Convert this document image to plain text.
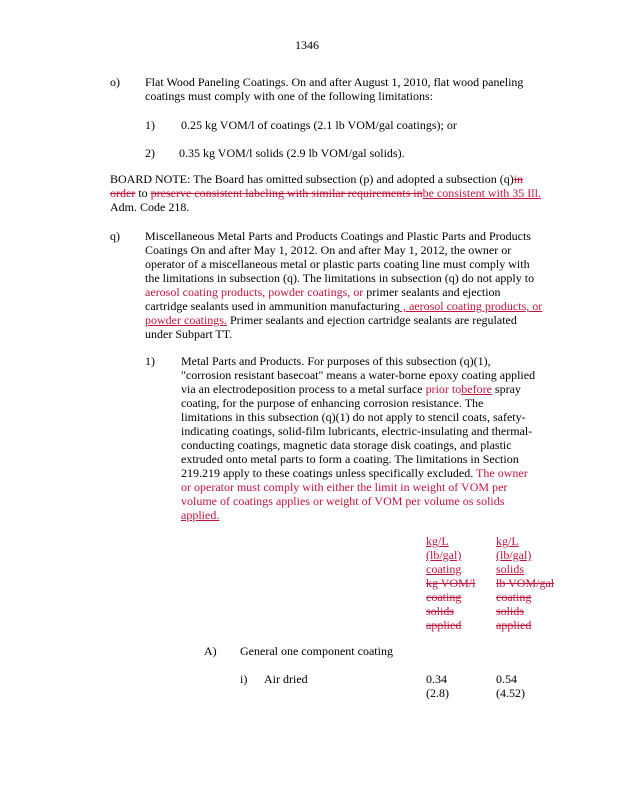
1346
o) Flat Wood Paneling Coatings. On and after August 1, 2010, flat wood paneling
coatings must comply with one of the following limitations:
1) 0.25 kg VOM/l of coatings (2.1 lb VOM/gal coatings); or
2) 0.35 kg VOM/l solids (2.9 lb VOM/gal solids).
BOARD NOTE: The Board has omitted subsection (p) and adopted a subsection (q)in
order to preserve consistent labeling with similar requirements inbe consistent with 35 Ill.
Adm. Code 218.
q) Miscellaneous Metal Parts and Products Coatings and Plastic Parts and Products
Coatings On and after May 1, 2012. On and after May 1, 2012, the owner or
operator of a miscellaneous metal or plastic parts coating line must comply with
the limitations in subsection (q). The limitations in subsection (q) do not apply to
aerosol coating products, powder coatings, or primer sealants and ejection
cartridge sealants used in ammunition manufacturing , aerosol coating products, or
powder coatings. Primer sealants and ejection cartridge sealants are regulated
under Subpart TT.
1) Metal Parts and Products. For purposes of this subsection (q)(1),
"corrosion resistant basecoat" means a water-borne epoxy coating applied
via an electrodeposition process to a metal surface prior tobefore spray
coating, for the purpose of enhancing corrosion resistance. The
limitations in this subsection (q)(1) do not apply to stencil coats, safety-
indicating coatings, solid-film lubricants, electric-insulating and thermal-
conducting coatings, magnetic data storage disk coatings, and plastic
extruded onto metal parts to form a coating. The limitations in Section
219.219 apply to these coatings unless specifically excluded. The owner
or operator must comply with either the limit in weight of VOM per
volume of coatings applies or weight of VOM per volume os solids
applied.
kg/L
(lb/gal)
coating
kg VOM/l
coating
solids
applied
kg/L
(lb/gal)
solids
lb VOM/gal
coating
solids
applied
A) General one component coating
i) Air dried	0.34
(2.8)
0.54
(4.52)
